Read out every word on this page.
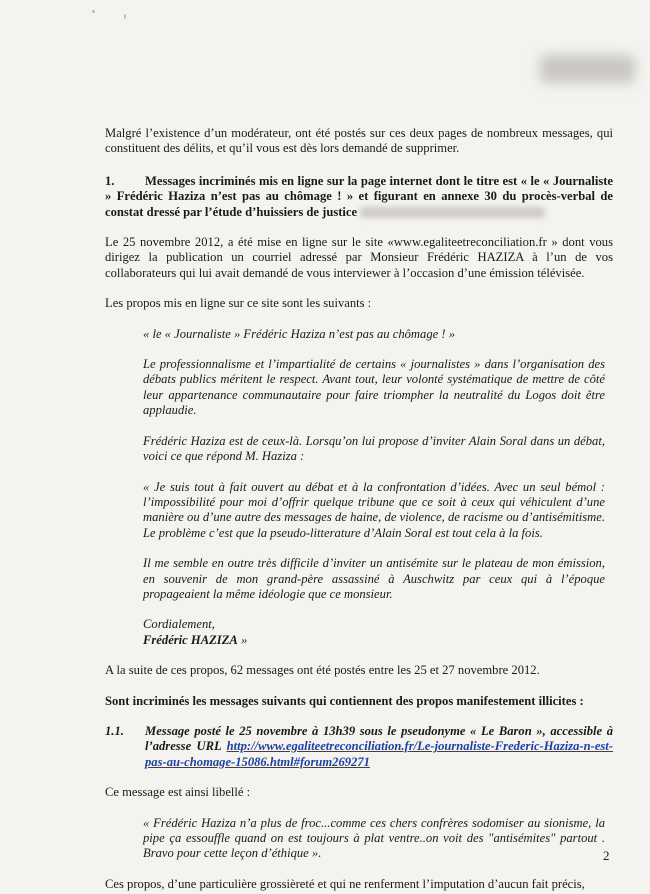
Malgré l’existence d’un modérateur, ont été postés sur ces deux pages de nombreux messages, qui constituent des délits, et qu’il vous est dès lors demandé de supprimer.

1.	Messages incriminés mis en ligne sur la page internet dont le titre est « le « Journaliste » Frédéric Haziza n’est pas au chômage ! » et figurant en annexe 30 du procès-verbal de constat dressé par l’étude d’huissiers de justice

Le 25 novembre 2012, a été mise en ligne sur le site «www.egaliteetreconciliation.fr » dont vous dirigez la publication un courriel adressé par Monsieur Frédéric HAZIZA à l’un de vos collaborateurs qui lui avait demandé de vous interviewer à l’occasion d’une émission télévisée.

Les propos mis en ligne sur ce site sont les suivants :

« le « Journaliste » Frédéric Haziza n’est pas au chômage ! »

Le professionnalisme et l’impartialité de certains « journalistes » dans l’organisation des débats publics méritent le respect. Avant tout, leur volonté systématique de mettre de côté leur appartenance communautaire pour faire triompher la neutralité du Logos doit être applaudie.

Frédéric Haziza est de ceux-là. Lorsqu’on lui propose d’inviter Alain Soral dans un débat, voici ce que répond M. Haziza :

« Je suis tout à fait ouvert au débat et à la confrontation d’idées. Avec un seul bémol : l’impossibilité pour moi d’offrir quelque tribune que ce soit à ceux qui véhiculent d’une manière ou d’une autre des messages de haine, de violence, de racisme ou d’antisémitisme. Le problème c’est que la pseudo-litterature d’Alain Soral est tout cela à la fois.

Il me semble en outre très difficile d’inviter un antisémite sur le plateau de mon émission, en souvenir de mon grand-père assassiné à Auschwitz par ceux qui à l’époque propageaient la même idéologie que ce monsieur.

Cordialement,

Frédéric HAZIZA »

A la suite de ces propos, 62 messages ont été postés entre les 25 et 27 novembre 2012.

Sont incriminés les messages suivants qui contiennent des propos manifestement illicites :

1.1.	Message posté le 25 novembre à 13h39 sous le pseudonyme « Le Baron », accessible à l’adresse URL http://www.egaliteetreconciliation.fr/Le-journaliste-Frederic-Haziza-n-est-pas-au-chomage-15086.html#forum269271

Ce message est ainsi libellé :

« Frédéric Haziza n’a plus de froc...comme ces chers confrères sodomiser au sionisme, la pipe ça essouffle quand on est toujours à plat ventre..on voit des "antisémites" partout . Bravo pour cette leçon d’éthique ».

Ces propos, d’une particulière grossièreté et qui ne renferment l’imputation d’aucun fait précis,

2
